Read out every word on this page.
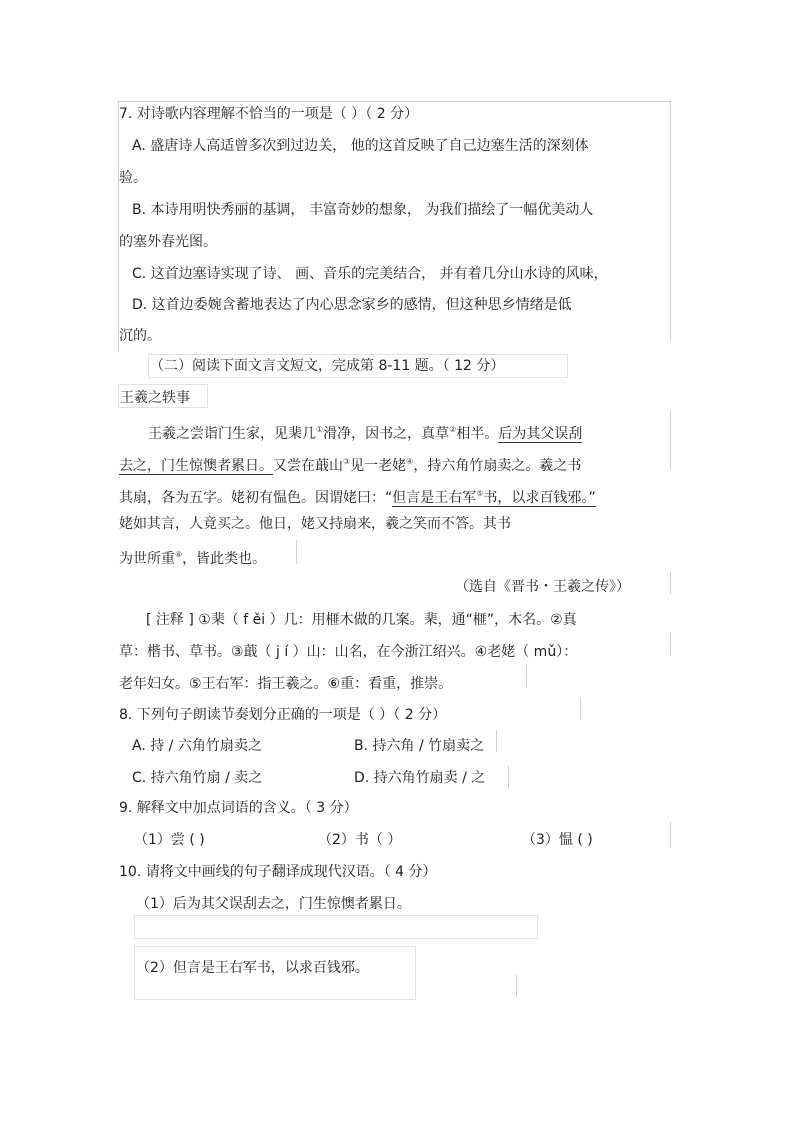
7. 对诗歌内容理解不恰当的一项是（ ）（ 2 分）
A. 盛唐诗人高适曾多次到过边关， 他的这首反映了自己边塞生活的深刻体
验。
B. 本诗用明快秀丽的基调， 丰富奇妙的想象， 为我们描绘了一幅优美动人
的塞外春光图。
C. 这首边塞诗实现了诗、 画、音乐的完美结合， 并有着几分山水诗的风味，
D. 这首边委婉含蓄地表达了内心思念家乡的感情，但这种思乡情绪是低
沉的。
（二）阅读下面文言文短文，完成第 8-11 题。（ 12 分）
王羲之轶事
王羲之尝诣门生家，见棐几①滑净，因书之，真草②相半。后为其父误刮
去之，门生惊懊者累日。又尝在蕺山③见一老姥④，持六角竹扇卖之。羲之书
其扇，各为五字。姥初有愠色。因谓姥曰：“但言是王右军⑤书，以求百钱邪。”
姥如其言，人竟买之。他日，姥又持扇来，羲之笑而不答。其书
为世所重⑥，皆此类也。
（选自《晋书・王羲之传》）
[ 注释 ] ①棐（ f ěi ）几：用榧木做的几案。棐，通“榧”，木名。②真
草：楷书、草书。③蕺（ j í ）山：山名，在今浙江绍兴。④老姥（ mǔ）：
老年妇女。⑤王右军：指王羲之。⑥重：看重，推崇。
8. 下列句子朗读节奏划分正确的一项是（ ）（ 2 分）
A. 持 / 六角竹扇卖之	B. 持六角 / 竹扇卖之
C. 持六角竹扇 / 卖之	D. 持六角竹扇卖 / 之
9. 解释文中加点词语的含义。（ 3 分）
（1）尝 ( )	（2）书（ ）	（3）愠 ( )
10. 请将文中画线的句子翻译成现代汉语。（ 4 分）
（1）后为其父误刮去之，门生惊懊者累日。
（2）但言是王右军书，以求百钱邪。
